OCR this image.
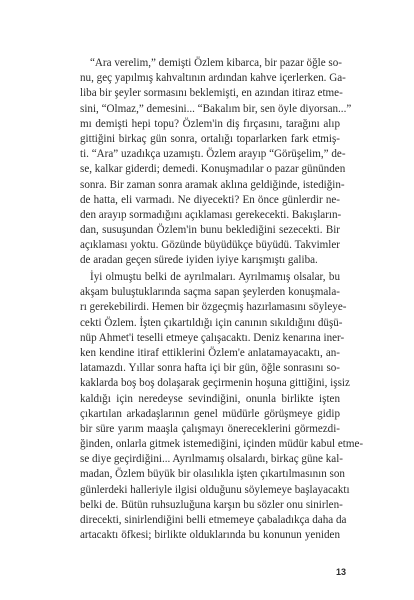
“Ara verelim,” demişti Özlem kibarca, bir pazar öğle so-
nu, geç yapılmış kahvaltının ardından kahve içerlerken. Ga-
liba bir şeyler sormasını beklemişti, en azından itiraz etme-
sini, “Olmaz,” demesini... “Bakalım bir, sen öyle diyorsan...”
mı demişti hepi topu? Özlem'in diş fırçasını, tarağını alıp
gittiğini birkaç gün sonra, ortalığı toparlarken fark etmiş-
ti. “Ara” uzadıkça uzamıştı. Özlem arayıp “Görüşelim,” de-
se, kalkar giderdi; demedi. Konuşmadılar o pazar gününden
sonra. Bir zaman sonra aramak aklına geldiğinde, istediğin-
de hatta, eli varmadı. Ne diyecekti? En önce günlerdir ne-
den arayıp sormadığını açıklaması gerekecekti. Bakışların-
dan, susuşundan Özlem'in bunu beklediğini sezecekti. Bir
açıklaması yoktu. Gözünde büyüdükçe büyüdü. Takvimler
de aradan geçen sürede iyiden iyiye karışmıştı galiba.
İyi olmuştu belki de ayrılmaları. Ayrılmamış olsalar, bu
akşam buluştuklarında saçma sapan şeylerden konuşmala-
rı gerekebilirdi. Hemen bir özgeçmiş hazırlamasını söyleye-
cekti Özlem. İşten çıkartıldığı için canının sıkıldığını düşü-
nüp Ahmet'i teselli etmeye çalışacaktı. Deniz kenarına iner-
ken kendine itiraf ettiklerini Özlem'e anlatamayacaktı, an-
latamazdı. Yıllar sonra hafta içi bir gün, öğle sonrasını so-
kaklarda boş boş dolaşarak geçirmenin hoşuna gittiğini, işsiz
kaldığı için neredeyse sevindiğini, onunla birlikte işten
çıkartılan arkadaşlarının genel müdürle görüşmeye gidip
bir süre yarım maaşla çalışmayı önereceklerini görmezdi-
ğinden, onlarla gitmek istemediğini, içinden müdür kabul etme-
se diye geçirdiğini... Ayrılmamış olsalardı, birkaç güne kal-
madan, Özlem büyük bir olasılıkla işten çıkartılmasının son
günlerdeki halleriyle ilgisi olduğunu söylemeye başlayacaktı
belki de. Bütün ruhsuzluğuna karşın bu sözler onu sinirlen-
direcekti, sinirlendiğini belli etmemeye çabaladıkça daha da
artacaktı öfkesi; birlikte olduklarında bu konunun yeniden
13
